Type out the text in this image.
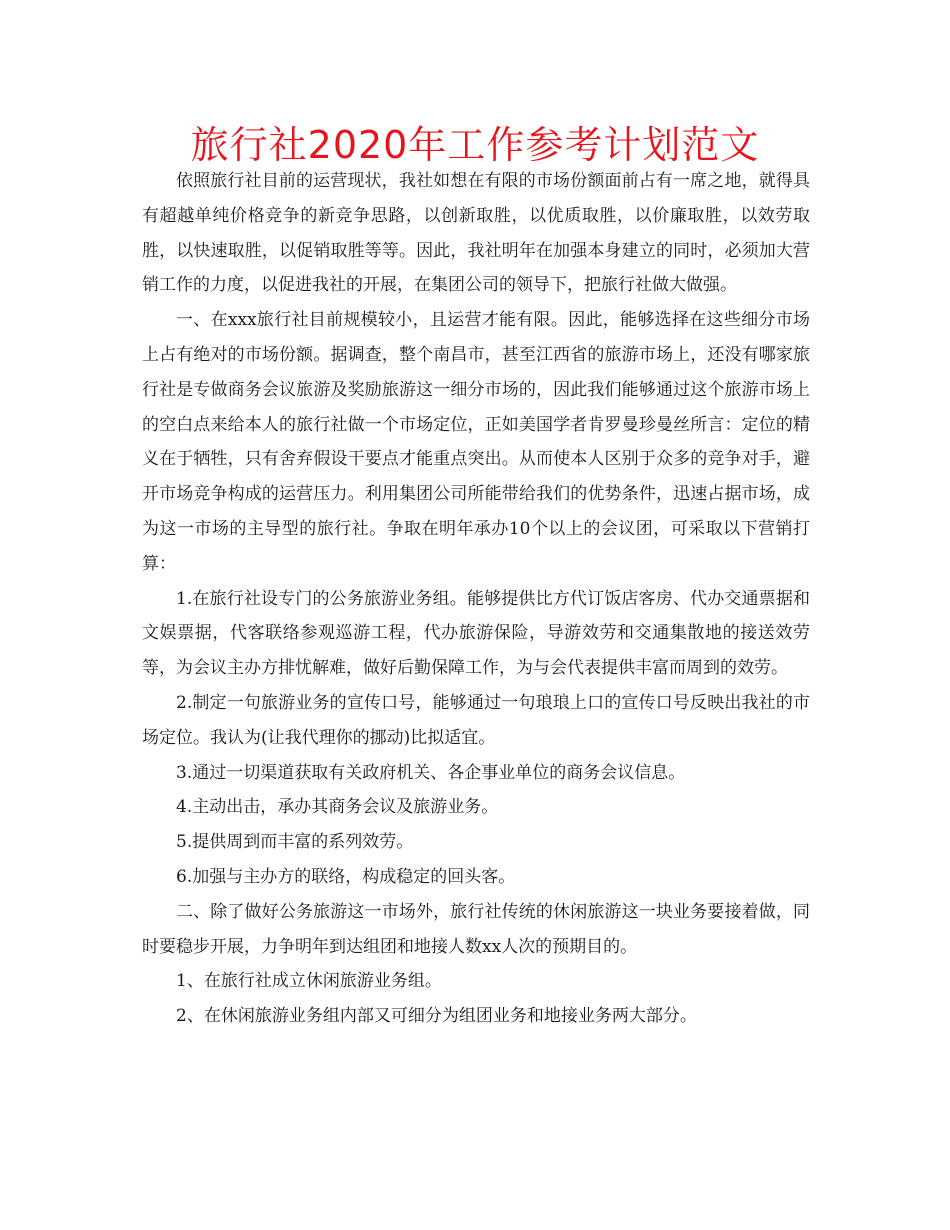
旅行社2020年工作参考计划范文

依照旅行社目前的运营现状，我社如想在有限的市场份额面前占有一席之地，就得具有超越单纯价格竞争的新竞争思路，以创新取胜，以优质取胜，以价廉取胜，以效劳取胜，以快速取胜，以促销取胜等等。因此，我社明年在加强本身建立的同时，必须加大营销工作的力度，以促进我社的开展，在集团公司的领导下，把旅行社做大做强。

一、在xxx旅行社目前规模较小，且运营才能有限。因此，能够选择在这些细分市场上占有绝对的市场份额。据调查，整个南昌市，甚至江西省的旅游市场上，还没有哪家旅行社是专做商务会议旅游及奖励旅游这一细分市场的，因此我们能够通过这个旅游市场上的空白点来给本人的旅行社做一个市场定位，正如美国学者肯罗曼珍曼丝所言：定位的精义在于牺牲，只有舍弃假设干要点才能重点突出。从而使本人区别于众多的竞争对手，避开市场竞争构成的运营压力。利用集团公司所能带给我们的优势条件，迅速占据市场，成为这一市场的主导型的旅行社。争取在明年承办10个以上的会议团，可采取以下营销打算：

1.在旅行社设专门的公务旅游业务组。能够提供比方代订饭店客房、代办交通票据和文娱票据，代客联络参观巡游工程，代办旅游保险，导游效劳和交通集散地的接送效劳等，为会议主办方排忧解难，做好后勤保障工作，为与会代表提供丰富而周到的效劳。

2.制定一句旅游业务的宣传口号，能够通过一句琅琅上口的宣传口号反映出我社的市场定位。我认为(让我代理你的挪动)比拟适宜。

3.通过一切渠道获取有关政府机关、各企事业单位的商务会议信息。

4.主动出击，承办其商务会议及旅游业务。

5.提供周到而丰富的系列效劳。

6.加强与主办方的联络，构成稳定的回头客。

二、除了做好公务旅游这一市场外，旅行社传统的休闲旅游这一块业务要接着做，同时要稳步开展，力争明年到达组团和地接人数xx人次的预期目的。

1、在旅行社成立休闲旅游业务组。

2、在休闲旅游业务组内部又可细分为组团业务和地接业务两大部分。
